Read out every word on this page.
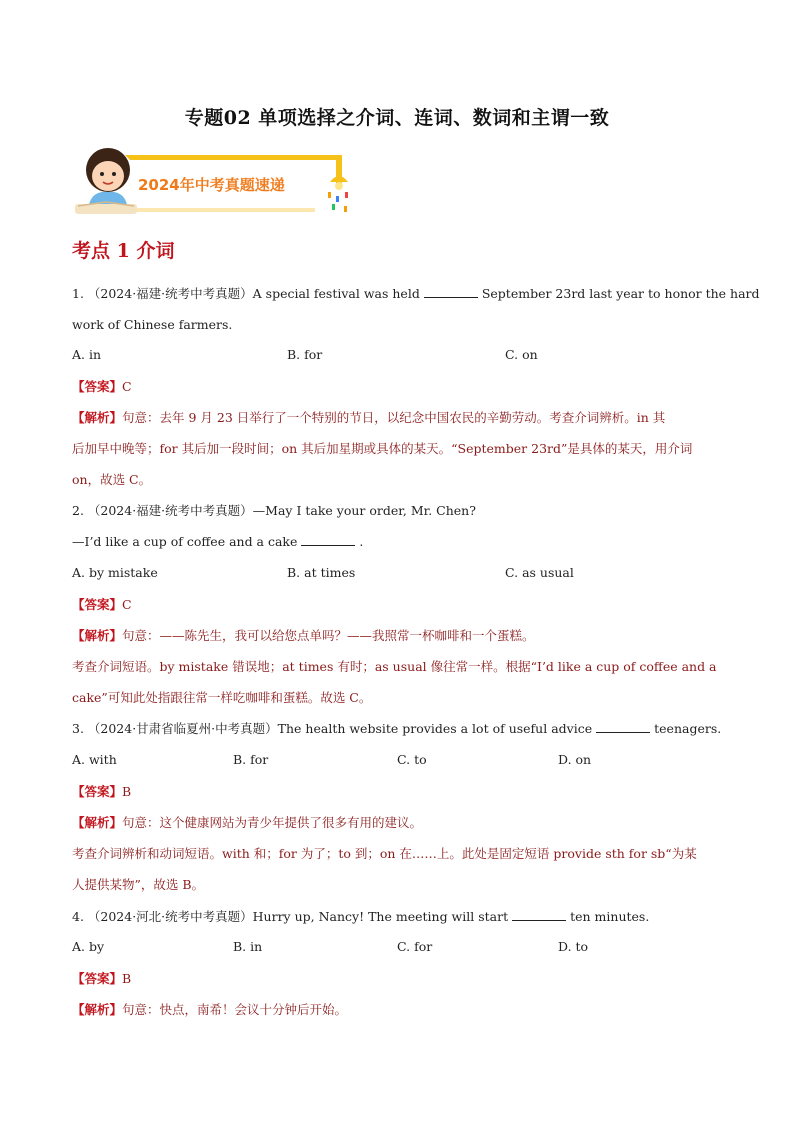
专题02 单项选择之介词、连词、数词和主谓一致
2024年中考真题速递
考点 1 介词
1. （2024·福建·统考中考真题）A special festival was held	September 23rd last year to honor the hard
work of Chinese farmers.
A. in	B. for	C. on
【答案】C
【解析】句意：去年 9 月 23 日举行了一个特别的节日，以纪念中国农民的辛勤劳动。考查介词辨析。in 其
后加早中晚等；for 其后加一段时间；on 其后加星期或具体的某天。“September 23rd”是具体的某天，用介词
on，故选 C。
2. （2024·福建·统考中考真题）—May I take your order, Mr. Chen?
—I’d like a cup of coffee and a cake	.
A. by mistake	B. at times	C. as usual
【答案】C
【解析】句意：——陈先生，我可以给您点单吗？——我照常一杯咖啡和一个蛋糕。
考查介词短语。by mistake 错误地；at times 有时；as usual 像往常一样。根据“I’d like a cup of coffee and a
cake”可知此处指跟往常一样吃咖啡和蛋糕。故选 C。
3. （2024·甘肃省临夏州·中考真题）The health website provides a lot of useful advice	teenagers.
A. with	B. for	C. to	D. on
【答案】B
【解析】句意：这个健康网站为青少年提供了很多有用的建议。
考查介词辨析和动词短语。with 和；for 为了；to 到；on 在……上。此处是固定短语 provide sth for sb“为某
人提供某物”，故选 B。
4. （2024·河北·统考中考真题）Hurry up, Nancy! The meeting will start	ten minutes.
A. by	B. in	C. for	D. to
【答案】B
【解析】句意：快点，南希！会议十分钟后开始。
